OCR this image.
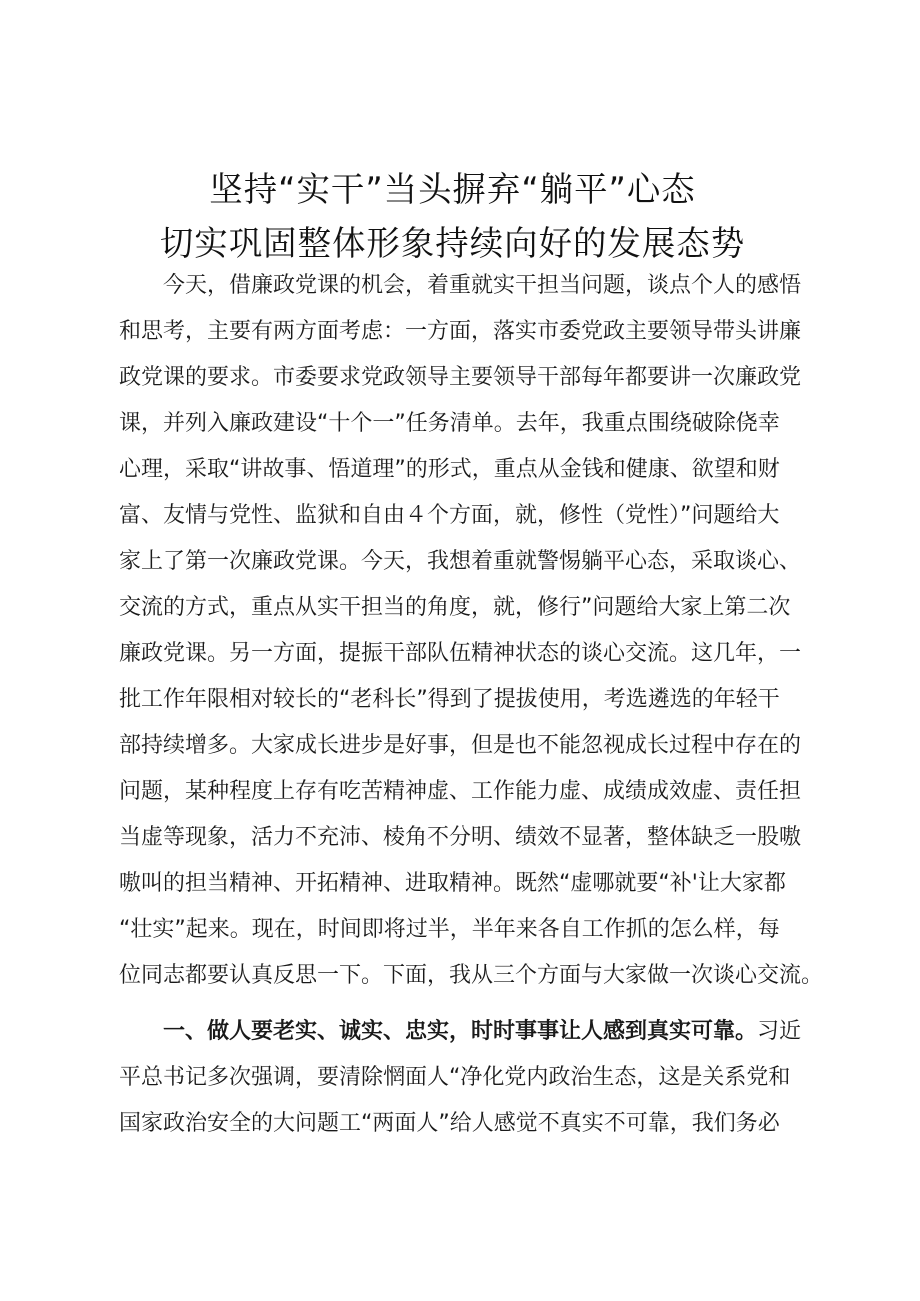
坚持“实干”当头摒弃“躺平”心态
切实巩固整体形象持续向好的发展态势
今天，借廉政党课的机会，着重就实干担当问题，谈点个人的感悟
和思考，主要有两方面考虑：一方面，落实市委党政主要领导带头讲廉
政党课的要求。市委要求党政领导主要领导干部每年都要讲一次廉政党
课，并列入廉政建设“十个一”任务清单。去年，我重点围绕破除侥幸
心理，采取“讲故事、悟道理”的形式，重点从金钱和健康、欲望和财
富、友情与党性、监狱和自由４个方面，就，修性（党性）”问题给大
家上了第一次廉政党课。今天，我想着重就警惕躺平心态，采取谈心、
交流的方式，重点从实干担当的角度，就，修行”问题给大家上第二次
廉政党课。另一方面，提振干部队伍精神状态的谈心交流。这几年，一
批工作年限相对较长的“老科长”得到了提拔使用，考选遴选的年轻干
部持续增多。大家成长进步是好事，但是也不能忽视成长过程中存在的
问题，某种程度上存有吃苦精神虚、工作能力虚、成绩成效虚、责任担
当虚等现象，活力不充沛、棱角不分明、绩效不显著，整体缺乏一股嗷
嗷叫的担当精神、开拓精神、进取精神。既然“虚哪就要“补'让大家都
“壮实”起来。现在，时间即将过半，半年来各自工作抓的怎么样，每
位同志都要认真反思一下。下面，我从三个方面与大家做一次谈心交流。
一、做人要老实、诚实、忠实，时时事事让人感到真实可靠。习近
平总书记多次强调，要清除惘面人“净化党内政治生态，这是关系党和
国家政治安全的大问题工“两面人”给人感觉不真实不可靠，我们务必
